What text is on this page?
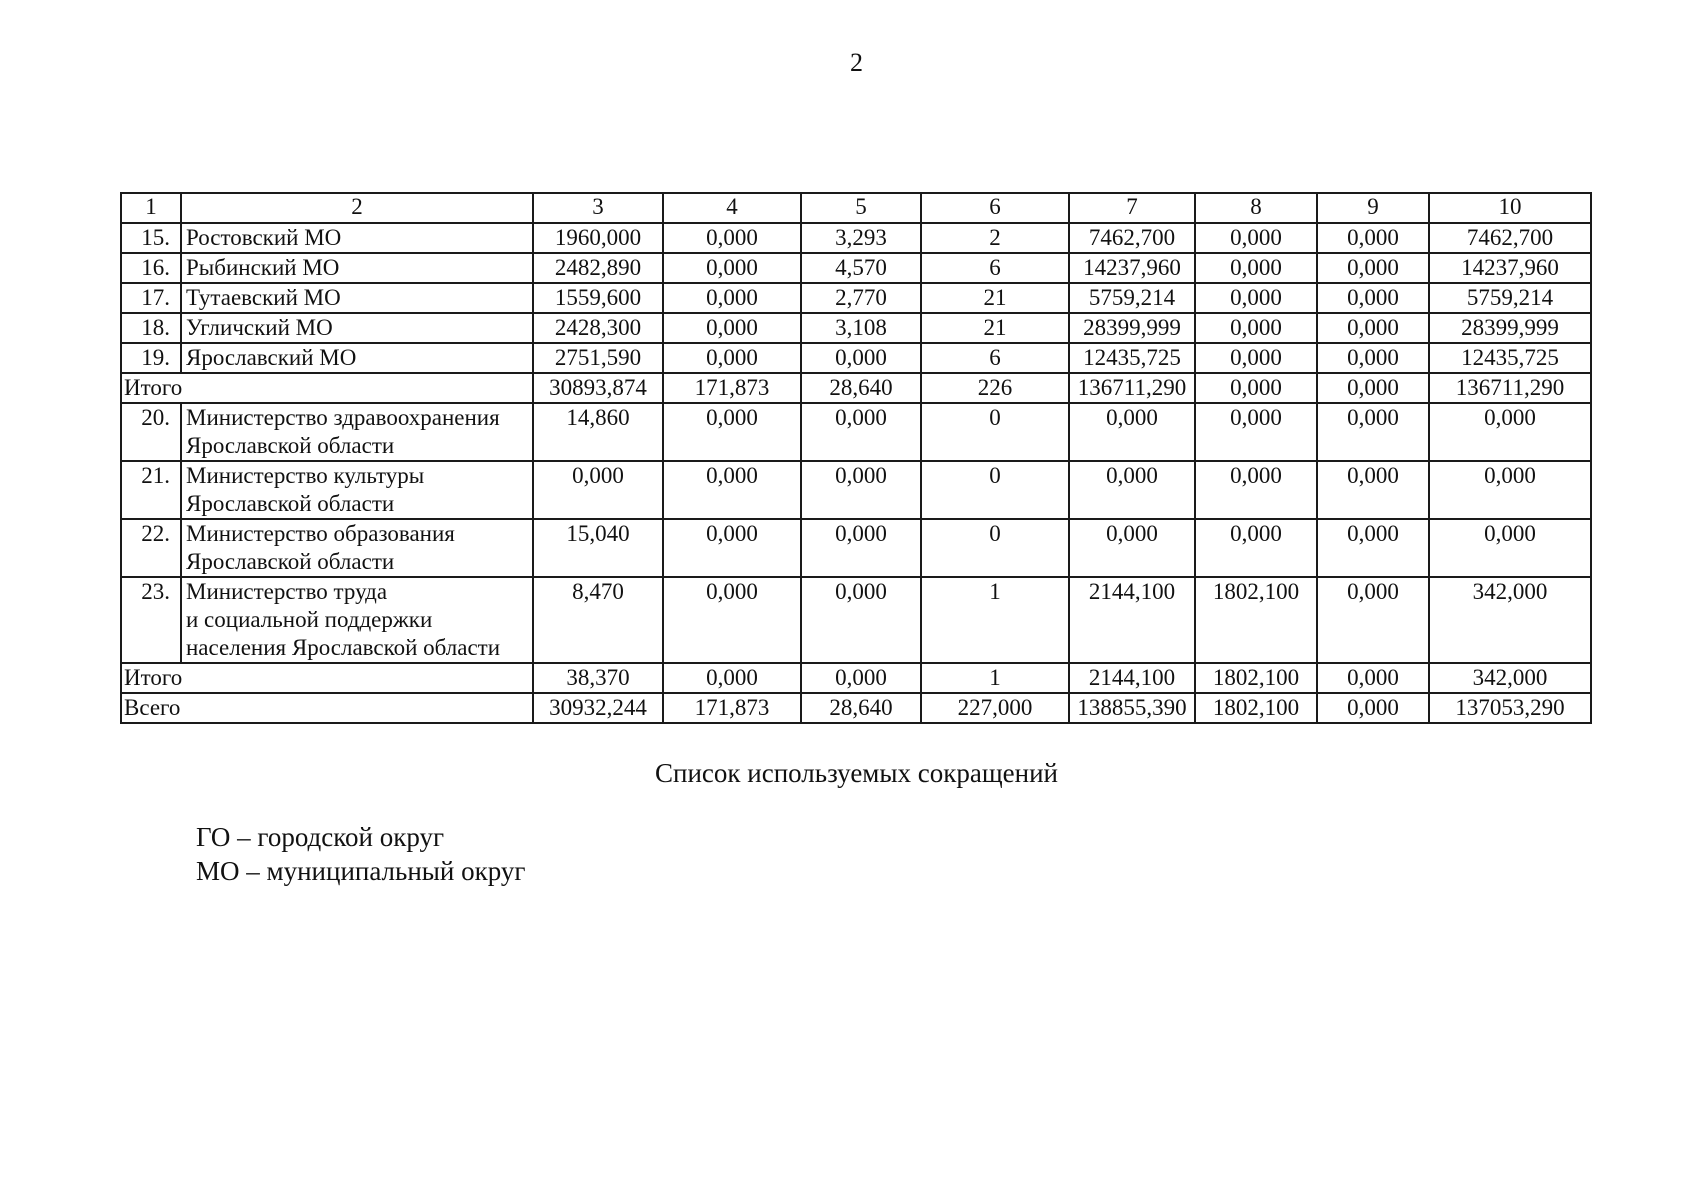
2
1	2	3	4	5	6	7	8	9	10
15.	Ростовский МО	1960,000	0,000	3,293	2	7462,700	0,000	0,000	7462,700
16.	Рыбинский МО	2482,890	0,000	4,570	6	14237,960	0,000	0,000	14237,960
17.	Тутаевский МО	1559,600	0,000	2,770	21	5759,214	0,000	0,000	5759,214
18.	Угличский МО	2428,300	0,000	3,108	21	28399,999	0,000	0,000	28399,999
19.	Ярославский МО	2751,590	0,000	0,000	6	12435,725	0,000	0,000	12435,725
Итого		30893,874	171,873	28,640	226	136711,290	0,000	0,000	136711,290
20.	Министерство здравоохранения
Ярославской области	14,860	0,000	0,000	0	0,000	0,000	0,000	0,000
21.	Министерство культуры
Ярославской области	0,000	0,000	0,000	0	0,000	0,000	0,000	0,000
22.	Министерство образования
Ярославской области	15,040	0,000	0,000	0	0,000	0,000	0,000	0,000
23.	Министерство труда
и социальной поддержки
населения Ярославской области	8,470	0,000	0,000	1	2144,100	1802,100	0,000	342,000
Итого		38,370	0,000	0,000	1	2144,100	1802,100	0,000	342,000
Всего		30932,244	171,873	28,640	227,000	138855,390	1802,100	0,000	137053,290
Список используемых сокращений
ГО – городской округ
МО – муниципальный округ
